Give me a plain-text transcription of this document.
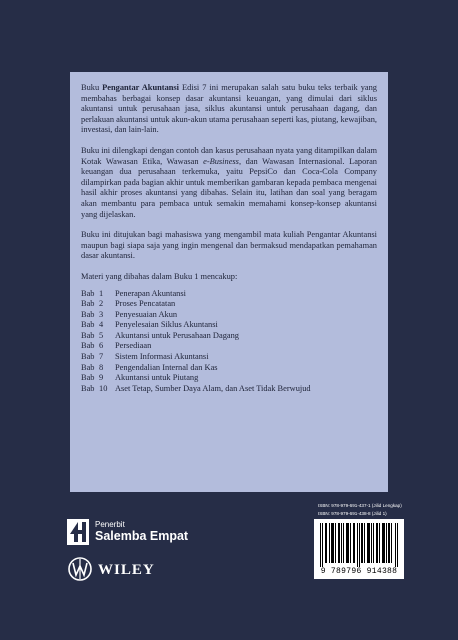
Buku Pengantar Akuntansi Edisi 7 ini merupakan salah satu buku teks terbaik yang membahas berbagai konsep dasar akuntansi keuangan, yang dimulai dari siklus akuntansi untuk perusahaan jasa, siklus akuntansi untuk perusahaan dagang, dan perlakuan akuntansi untuk akun-akun utama perusahaan seperti kas, piutang, kewajiban, investasi, dan lain-lain.

Buku ini dilengkapi dengan contoh dan kasus perusahaan nyata yang ditampilkan dalam Kotak Wawasan Etika, Wawasan e-Business, dan Wawasan Internasional. Laporan keuangan dua perusahaan terkemuka, yaitu PepsiCo dan Coca-Cola Company dilampirkan pada bagian akhir untuk memberikan gambaran kepada pembaca mengenai hasil akhir proses akuntansi yang dibahas. Selain itu, latihan dan soal yang beragam akan membantu para pembaca untuk semakin memahami konsep-konsep akuntansi yang dijelaskan.

Buku ini ditujukan bagi mahasiswa yang mengambil mata kuliah Pengantar Akuntansi maupun bagi siapa saja yang ingin mengenal dan bermaksud mendapatkan pemahaman dasar akuntansi.

Materi yang dibahas dalam Buku 1 mencakup:

Bab 1	Penerapan Akuntansi
Bab 2	Proses Pencatatan
Bab 3	Penyesuaian Akun
Bab 4	Penyelesaian Siklus Akuntansi
Bab 5	Akuntansi untuk Perusahaan Dagang
Bab 6	Persediaan
Bab 7	Sistem Informasi Akuntansi
Bab 8	Pengendalian Internal dan Kas
Bab 9	Akuntansi untuk Piutang
Bab 10 Aset Tetap, Sumber Daya Alam, dan Aset Tidak Berwujud
ISBN: 978-979-691-437-1 (Jilid Lengkap)
ISBN: 978-979-691-438-8 (Jilid 1)
9 789796 914388
Penerbit
Salemba Empat
WILEY
